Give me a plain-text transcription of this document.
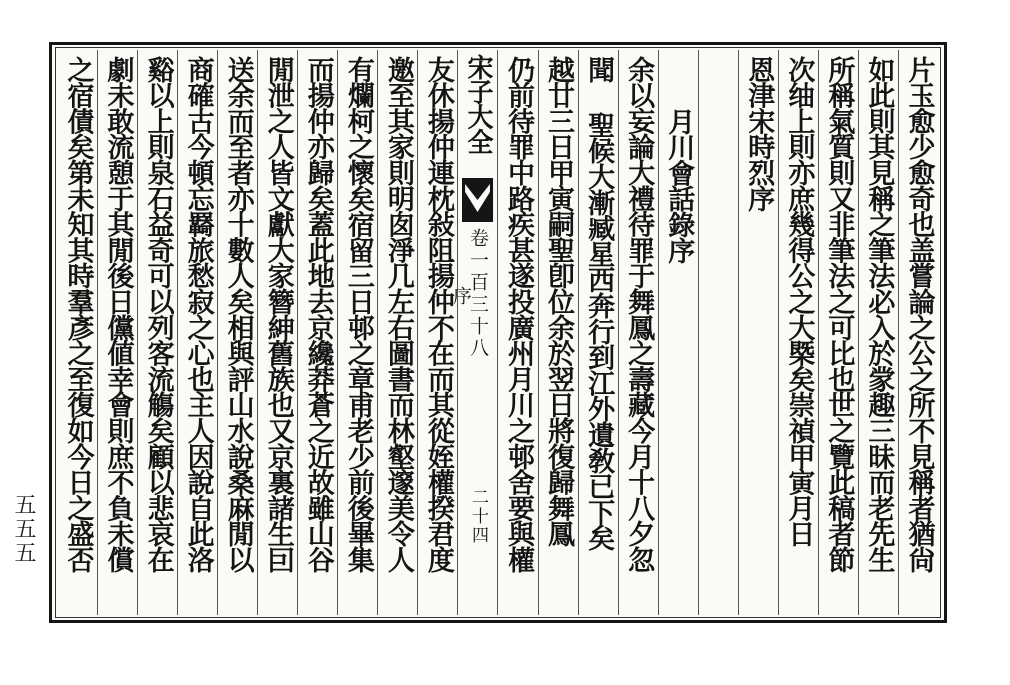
五五五	片玉愈少愈奇也盖嘗論之公之所不見稱者猶尙
如此則其見稱之筆法必入於䝉趣三昧而老先生
所稱氣質則又非筆法之可比也世之覽此稿者節
次䌷上則亦庶幾得公之大槩矣崇禎甲寅月日
恩津宋時烈序
月川會話錄序
余以妄論大禮待罪于舞鳳之壽藏今月十八夕忽
聞 聖候大漸臧星西奔行到江外遺敎已下矣
越廿三日甲寅嗣聖卽位余於翌日將復歸舞鳳
仍前待罪中路疾甚遂投廣州月川之邨舍要與權
宋子大全
卷一百三十八
序
二十四
友休揚仲連枕敍阻揚仲不在而其從姪權揆君度
邀至其家則明囱淨几左右圖書而林壑邃美令人
有爛柯之懷矣宿留三日邨之章甫老少前後畢集
而揚仲亦歸矣蓋此地去京纔莽蒼之近故雖山谷
閒泄之人皆文獻大家簪紳舊族也又京裏諸生囙
送余而至者亦十數人矣相與評山水說桑麻閒以
商確古今頓忘羇旅愁寂之心也主人因說自此洛
谿以上則泉石益奇可以列客流觴矣顧以悲哀在
劇未敢流憩于其閒後日儻値幸會則庶不負未償
之宿債矣第未知其時羣彥之至復如今日之盛否
